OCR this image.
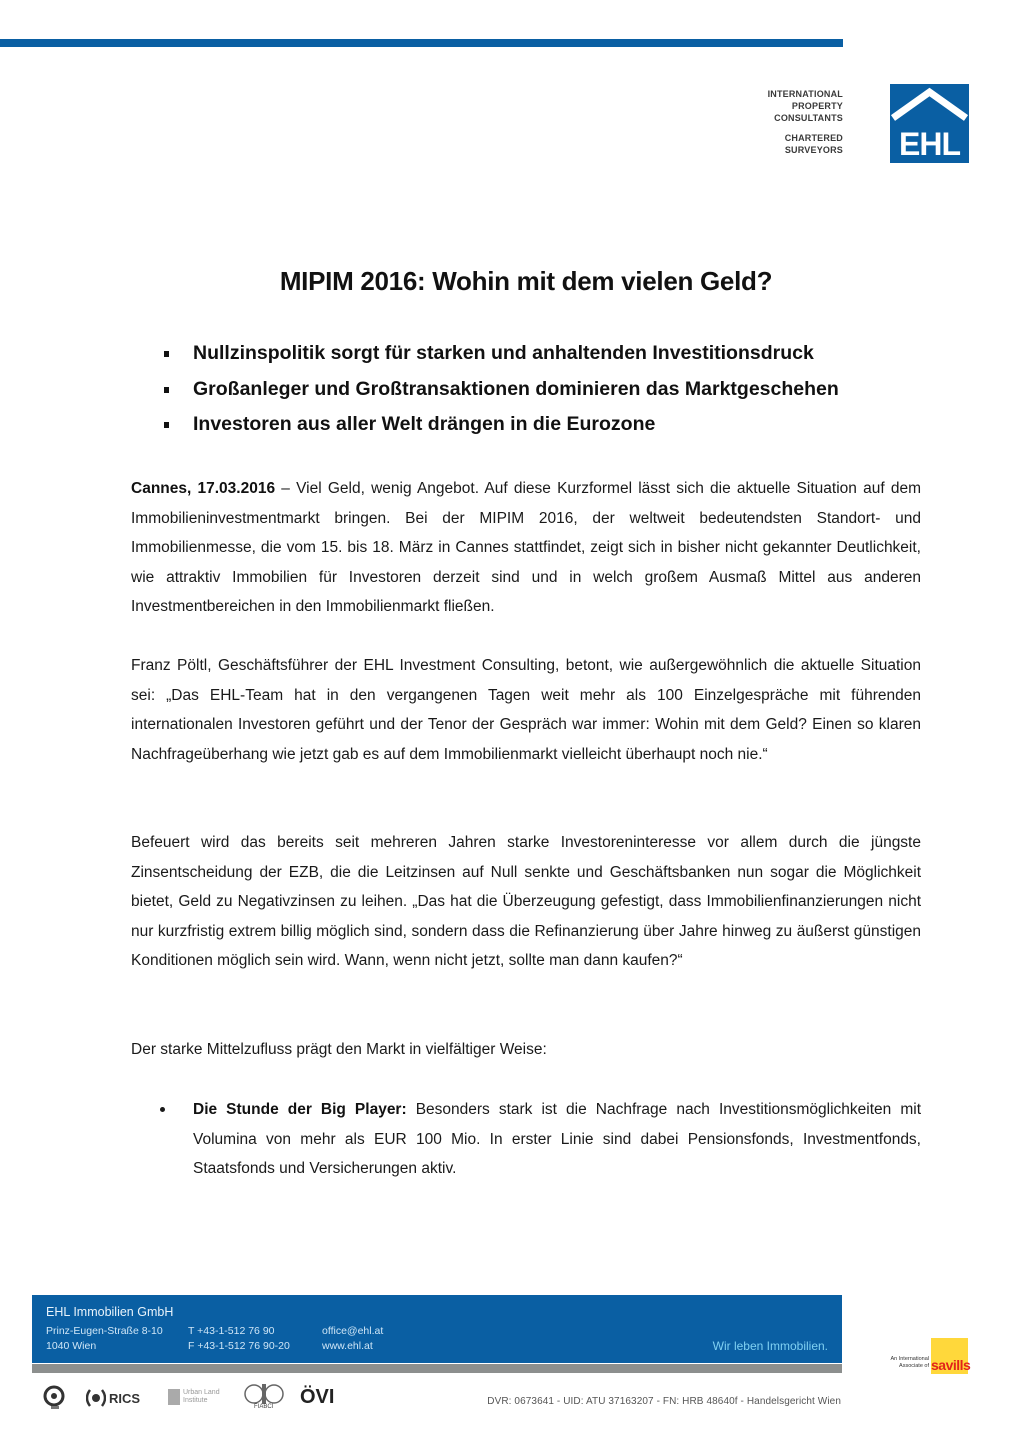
INTERNATIONAL
PROPERTY
CONSULTANTS
CHARTERED
SURVEYORS EHL
MIPIM 2016: Wohin mit dem vielen Geld?
Nullzinspolitik sorgt für starken und anhaltenden Investitionsdruck
Großanleger und Großtransaktionen dominieren das Marktgeschehen
Investoren aus aller Welt drängen in die Eurozone
Cannes, 17.03.2016 – Viel Geld, wenig Angebot. Auf diese Kurzformel lässt sich die aktuelle Situation auf dem Immobilieninvestmentmarkt bringen. Bei der MIPIM 2016, der weltweit bedeutendsten Standort- und Immobilienmesse, die vom 15. bis 18. März in Cannes stattfindet, zeigt sich in bisher nicht gekannter Deutlichkeit, wie attraktiv Immobilien für Investoren derzeit sind und in welch großem Ausmaß Mittel aus anderen Investmentbereichen in den Immobilienmarkt fließen.
Franz Pöltl, Geschäftsführer der EHL Investment Consulting, betont, wie außergewöhnlich die aktuelle Situation sei: „Das EHL-Team hat in den vergangenen Tagen weit mehr als 100 Einzelgespräche mit führenden internationalen Investoren geführt und der Tenor der Gespräch war immer: Wohin mit dem Geld? Einen so klaren Nachfrageüberhang wie jetzt gab es auf dem Immobilienmarkt vielleicht überhaupt noch nie.“
Befeuert wird das bereits seit mehreren Jahren starke Investoreninteresse vor allem durch die jüngste Zinsentscheidung der EZB, die die Leitzinsen auf Null senkte und Geschäftsbanken nun sogar die Möglichkeit bietet, Geld zu Negativzinsen zu leihen. „Das hat die Überzeugung gefestigt, dass Immobilienfinanzierungen nicht nur kurzfristig extrem billig möglich sind, sondern dass die Refinanzierung über Jahre hinweg zu äußerst günstigen Konditionen möglich sein wird. Wann, wenn nicht jetzt, sollte man dann kaufen?“
Der starke Mittelzufluss prägt den Markt in vielfältiger Weise:
Die Stunde der Big Player: Besonders stark ist die Nachfrage nach Investitionsmöglichkeiten mit Volumina von mehr als EUR 100 Mio. In erster Linie sind dabei Pensionsfonds, Investmentfonds, Staatsfonds und Versicherungen aktiv.
EHL Immobilien GmbH
Prinz-Eugen-Straße 8-10
1040 Wien
T +43-1-512 76 90
F +43-1-512 76 90-20
office@ehl.at
www.ehl.at	Wir leben Immobilien.
An International
Associate of savills
RICS	Urban Land
Institute
FIABCI ÖVI	DVR: 0673641 - UID: ATU 37163207 - FN: HRB 48640f - Handelsgericht Wien
